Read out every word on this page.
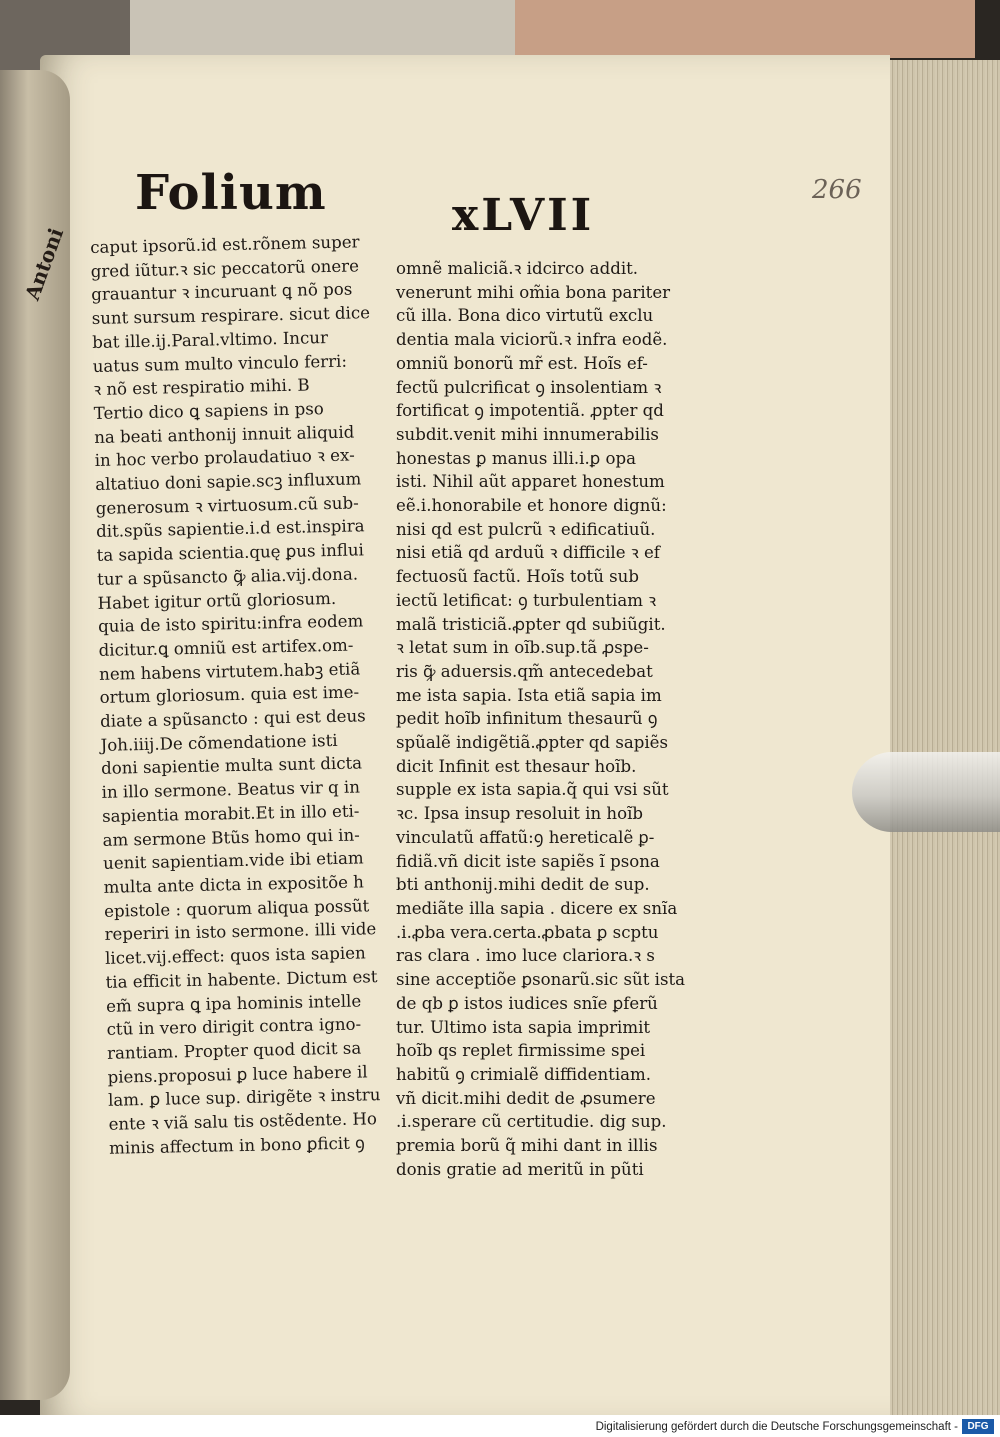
Antoni
Folium	xLVII	266
caput ipsorũ.id est.rõnem super
gred iũtur.ꝛ sic peccatorũ onere
grauantur ꝛ incuruant ꝗ nõ pos
sunt sursum respirare. sicut dice
bat ille.ij.Paral.vltimo. Incur
uatus sum multo vinculo ferri:
ꝛ nõ est respiratio mihi. B
Tertio dico ꝗ sapiens in pso
na beati anthonij innuit aliquid
in hoc verbo prolaudatiuo ꝛ ex-
altatiuo doni sapie.scꝫ influxum
generosum ꝛ virtuosum.cũ sub-
dit.spũs sapientie.i.d est.inspira
ta sapida scientia.quę ꝑus influi
tur a spũsancto ꝙ̃ alia.vij.dona.
Habet igitur ortũ gloriosum.
quia de isto spiritu:infra eodem
dicitur.ꝗ omniũ est artifex.om-
nem habens virtutem.habꝫ etiã
ortum gloriosum. quia est ime-
diate a spũsancto : qui est deus
Joh.iiij.De cõmendatione isti
doni sapientie multa sunt dicta
in illo sermone. Beatus vir q in
sapientia morabit.Et in illo eti-
am sermone Btũs homo qui in-
uenit sapientiam.vide ibi etiam
multa ante dicta in expositõe h
epistole : quorum aliqua possũt
reperiri in isto sermone. illi vide
licet.vij.effect: quos ista sapien
tia efficit in habente. Dictum est
em̃ supra ꝗ ipa hominis intelle
ctũ in vero dirigit contra igno-
rantiam. Propter quod dicit sa
piens.proposui ꝑ luce habere il
lam. ꝑ luce sup. dirigẽte ꝛ instru
ente ꝛ viã salu tis ostẽdente. Ho
minis affectum in bono ꝑficit ꝯ
omnẽ maliciã.ꝛ idcirco addit.
venerunt mihi om̃ia bona pariter
cũ illa. Bona dico virtutũ exclu
dentia mala viciorũ.ꝛ infra eodẽ.
omniũ bonorũ mr̃ est. Hoĩs ef-
fectũ pulcrificat ꝯ insolentiam ꝛ
fortificat ꝯ impotentiã. ꝓpter qd
subdit.venit mihi innumerabilis
honestas ꝑ manus illi.i.ꝑ opa
isti. Nihil aũt apparet honestum
eẽ.i.honorabile et honore dignũ:
nisi qd est pulcrũ ꝛ edificatiuũ.
nisi etiã qd arduũ ꝛ difficile ꝛ ef
fectuosũ factũ. Hoĩs totũ sub
iectũ letificat: ꝯ turbulentiam ꝛ
malã tristiciã.ꝓpter qd subiũgit.
ꝛ letat sum in oĩb.sup.tã ꝓspe-
ris ꝙ̃ aduersis.qm̃ antecedebat
me ista sapia. Ista etiã sapia im
pedit hoĩb infinitum thesaurũ ꝯ
spũalẽ indigẽtiã.ꝓpter qd sapiẽs
dicit Infinit est thesaur hoĩb.
supple ex ista sapia.q̃ qui vsi sũt
ꝛc. Ipsa insup resoluit in hoĩb
vinculatũ affatũ:ꝯ hereticalẽ ꝑ-
fidiã.vñ dicit iste sapiẽs ĩ psona
bti anthonij.mihi dedit de sup.
mediãte illa sapia . dicere ex snĩa
.i.ꝓba vera.certa.ꝓbata ꝑ scptu
ras clara . imo luce clariora.ꝛ s
sine acceptiõe ꝑsonarũ.sic sũt ista
de qb ꝑ istos iudices snĩe ꝑferũ
tur. Ultimo ista sapia imprimit
hoĩb qs replet firmissime spei
habitũ ꝯ crimialẽ diffidentiam.
vñ dicit.mihi dedit de ꝓsumere
.i.sperare cũ certitudie. dig sup.
premia borũ q̃ mihi dant in illis
donis gratie ad meritũ in pũti
Digitalisierung gefördert durch die Deutsche Forschungsgemeinschaft - DFG
